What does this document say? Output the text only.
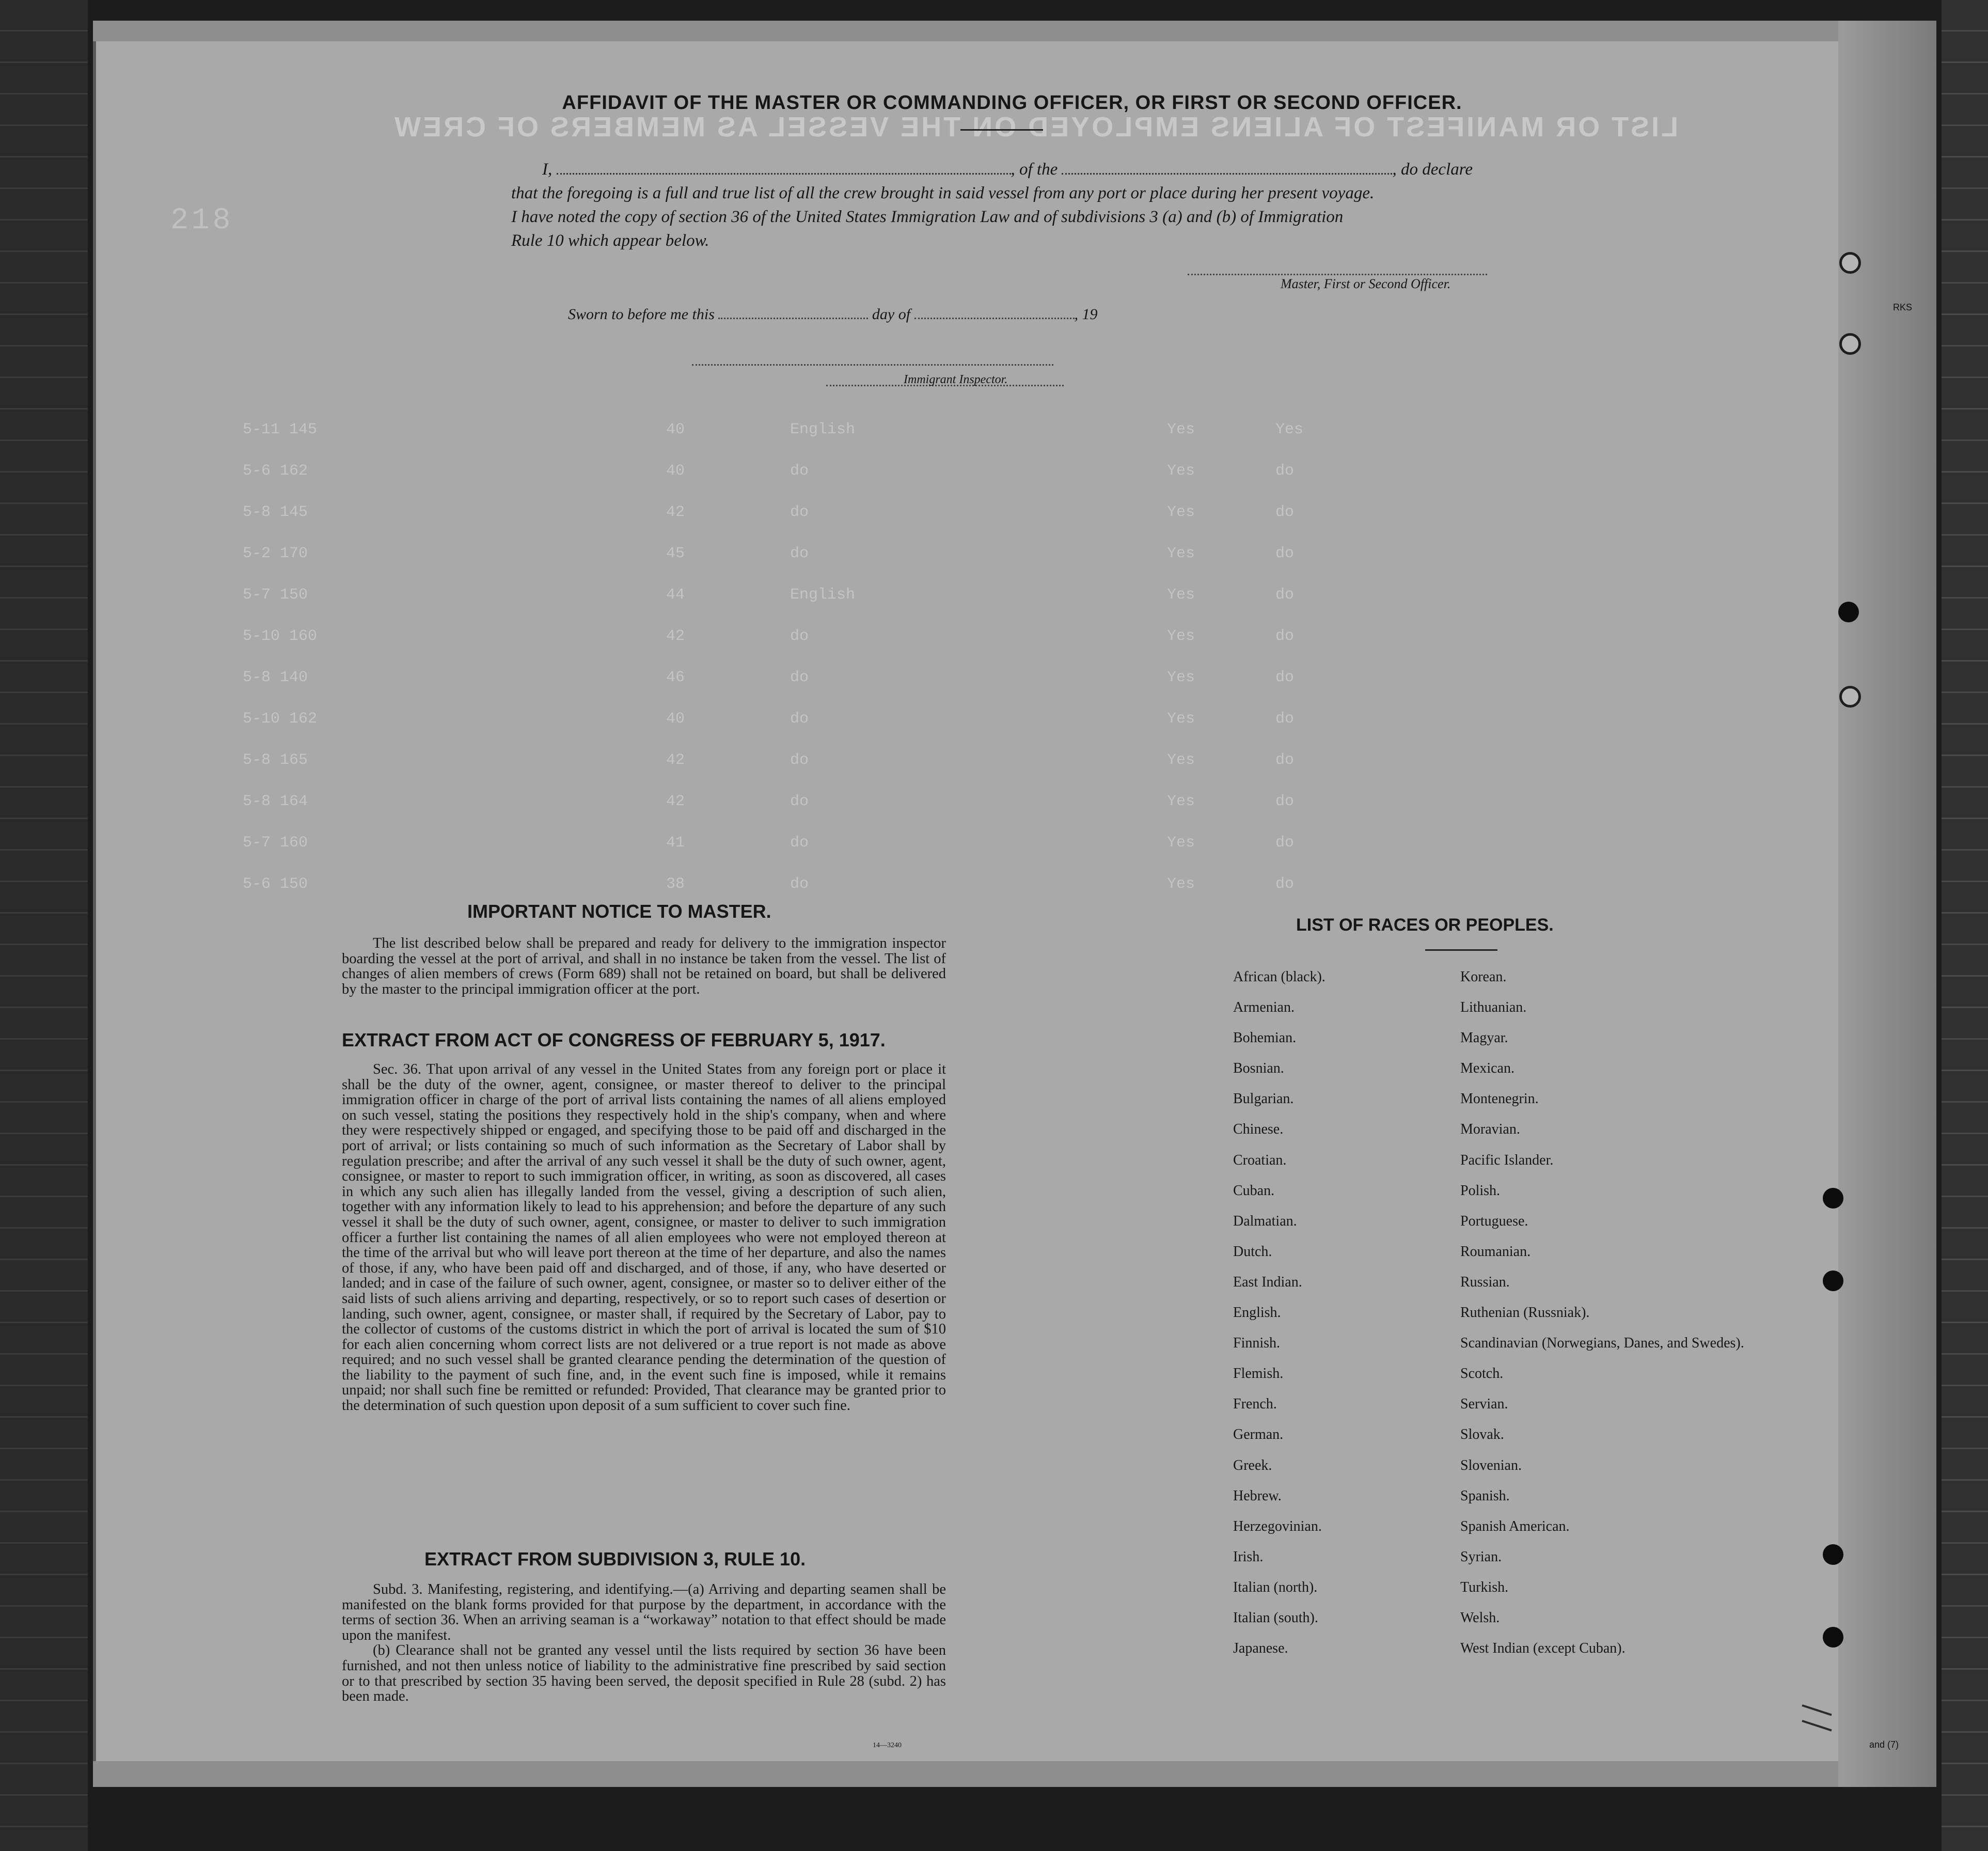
LIST OR MANIFEST OF ALIENS EMPLOYED ON THE VESSEL AS MEMBERS OF CREW
218
5-11 145	40	English	Yes	Yes
5-6 162	40	do	Yes	do
5-8 145	42	do	Yes	do
5-2 170	45	do	Yes	do
5-7 150	44	English	Yes	do
5-10 160	42	do	Yes	do
5-8 140	46	do	Yes	do
5-10 162	40	do	Yes	do
5-8 165	42	do	Yes	do
5-8 164	42	do	Yes	do
5-7 160	41	do	Yes	do
5-6 150	38	do	Yes	do
AFFIDAVIT OF THE MASTER OR COMMANDING OFFICER, OR FIRST OR SECOND OFFICER.
I,	, of the	, do declare
that the foregoing is a full and true list of all the crew brought in said vessel from any port or place during her present voyage.
I have noted the copy of section 36 of the United States Immigration Law and of subdivisions 3 (a) and (b) of Immigration
Rule 10 which appear below.
Master, First or Second Officer.
Sworn to before me this	day of	, 19
Immigrant Inspector.
IMPORTANT NOTICE TO MASTER.

The list described below shall be prepared and ready for delivery to the immigration inspector boarding the vessel at the port of arrival, and shall in no instance be taken from the vessel. The list of changes of alien members of crews (Form 689) shall not be retained on board, but shall be delivered by the master to the principal immigration officer at the port.

EXTRACT FROM ACT OF CONGRESS OF FEBRUARY 5, 1917.

Sec. 36. That upon arrival of any vessel in the United States from any foreign port or place it shall be the duty of the owner, agent, consignee, or master thereof to deliver to the principal immigration officer in charge of the port of arrival lists containing the names of all aliens employed on such vessel, stating the positions they respectively hold in the ship's company, when and where they were respectively shipped or engaged, and specifying those to be paid off and discharged in the port of arrival; or lists containing so much of such information as the Secretary of Labor shall by regulation prescribe; and after the arrival of any such vessel it shall be the duty of such owner, agent, consignee, or master to report to such immigration officer, in writing, as soon as discovered, all cases in which any such alien has illegally landed from the vessel, giving a description of such alien, together with any information likely to lead to his apprehension; and before the departure of any such vessel it shall be the duty of such owner, agent, consignee, or master to deliver to such immigration officer a further list containing the names of all alien employees who were not employed thereon at the time of the arrival but who will leave port thereon at the time of her departure, and also the names of those, if any, who have been paid off and discharged, and of those, if any, who have deserted or landed; and in case of the failure of such owner, agent, consignee, or master so to deliver either of the said lists of such aliens arriving and departing, respectively, or so to report such cases of desertion or landing, such owner, agent, consignee, or master shall, if required by the Secretary of Labor, pay to the collector of customs of the customs district in which the port of arrival is located the sum of $10 for each alien concerning whom correct lists are not delivered or a true report is not made as above required; and no such vessel shall be granted clearance pending the determination of the question of the liability to the payment of such fine, and, in the event such fine is imposed, while it remains unpaid; nor shall such fine be remitted or refunded: Provided, That clearance may be granted prior to the determination of such question upon deposit of a sum sufficient to cover such fine.

EXTRACT FROM SUBDIVISION 3, RULE 10.

Subd. 3. Manifesting, registering, and identifying.—(a) Arriving and departing seamen shall be manifested on the blank forms provided for that purpose by the department, in accordance with the terms of section 36. When an arriving seaman is a “workaway” notation to that effect should be made upon the manifest.

(b) Clearance shall not be granted any vessel until the lists required by section 36 have been furnished, and not then unless notice of liability to the administrative fine prescribed by said section or to that prescribed by section 35 having been served, the deposit specified in Rule 28 (subd. 2) has been made.

14—3240
LIST OF RACES OR PEOPLES.
African (black).
Armenian.
Bohemian.
Bosnian.
Bulgarian.
Chinese.
Croatian.
Cuban.
Dalmatian.
Dutch.
East Indian.
English.
Finnish.
Flemish.
French.
German.
Greek.
Hebrew.
Herzegovinian.
Irish.
Italian (north).
Italian (south).
Japanese.
Korean.
Lithuanian.
Magyar.
Mexican.
Montenegrin.
Moravian.
Pacific Islander.
Polish.
Portuguese.
Roumanian.
Russian.
Ruthenian (Russniak).
Scandinavian (Norwegians, Danes, and Swedes).
Scotch.
Servian.
Slovak.
Slovenian.
Spanish.
Spanish American.
Syrian.
Turkish.
Welsh.
West Indian (except Cuban).
RKS
and (7)
